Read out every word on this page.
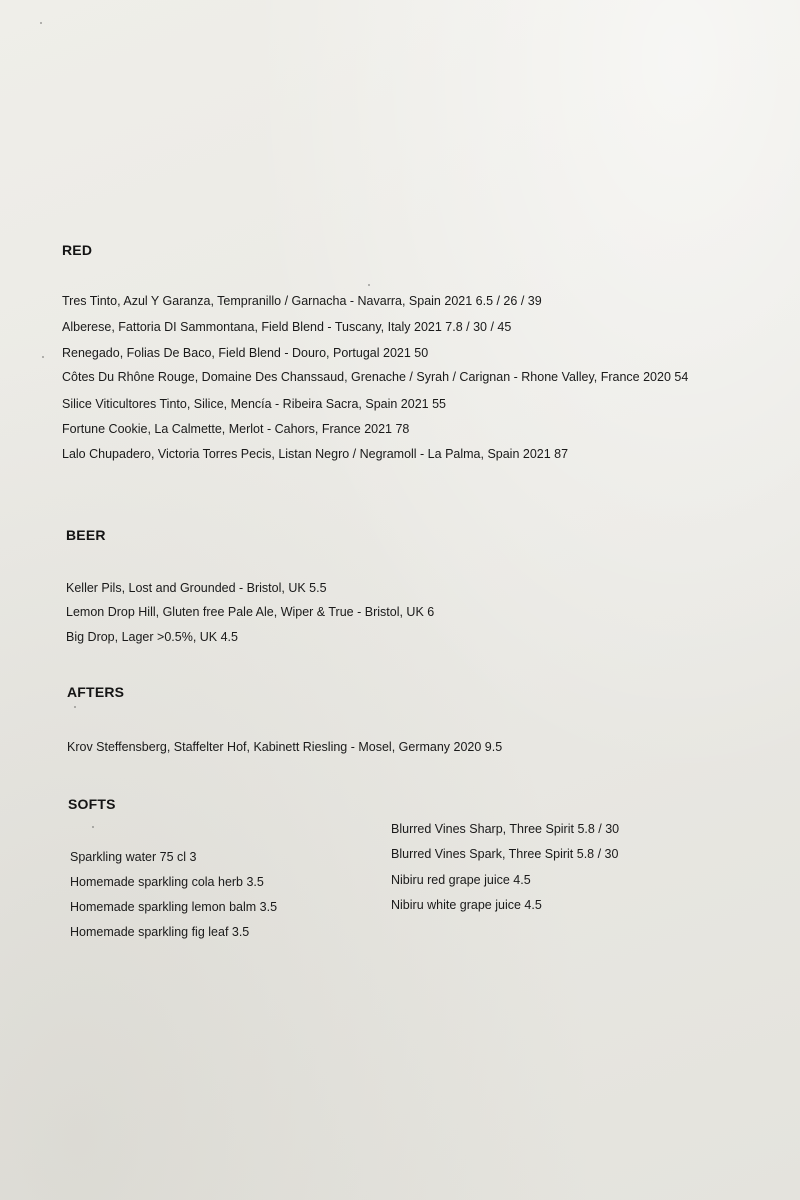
RED

Tres Tinto, Azul Y Garanza, Tempranillo / Garnacha - Navarra, Spain 2021 6.5 / 26 / 39

Alberese, Fattoria DI Sammontana, Field Blend - Tuscany, Italy 2021 7.8 / 30 / 45

Renegado, Folias De Baco, Field Blend - Douro, Portugal 2021 50

Côtes Du Rhône Rouge, Domaine Des Chanssaud, Grenache / Syrah / Carignan - Rhone Valley, France 2020 54

Silice Viticultores Tinto, Silice, Mencía - Ribeira Sacra, Spain 2021 55

Fortune Cookie, La Calmette, Merlot - Cahors, France 2021 78

Lalo Chupadero, Victoria Torres Pecis, Listan Negro / Negramoll - La Palma, Spain 2021 87

BEER

Keller Pils, Lost and Grounded - Bristol, UK 5.5

Lemon Drop Hill, Gluten free Pale Ale, Wiper & True - Bristol, UK 6

Big Drop, Lager >0.5%, UK 4.5

AFTERS

Krov Steffensberg, Staffelter Hof, Kabinett Riesling - Mosel, Germany 2020 9.5

SOFTS

Sparkling water 75 cl 3

Homemade sparkling cola herb 3.5

Homemade sparkling lemon balm 3.5

Homemade sparkling fig leaf 3.5

Blurred Vines Sharp, Three Spirit 5.8 / 30

Blurred Vines Spark, Three Spirit 5.8 / 30

Nibiru red grape juice 4.5

Nibiru white grape juice 4.5
